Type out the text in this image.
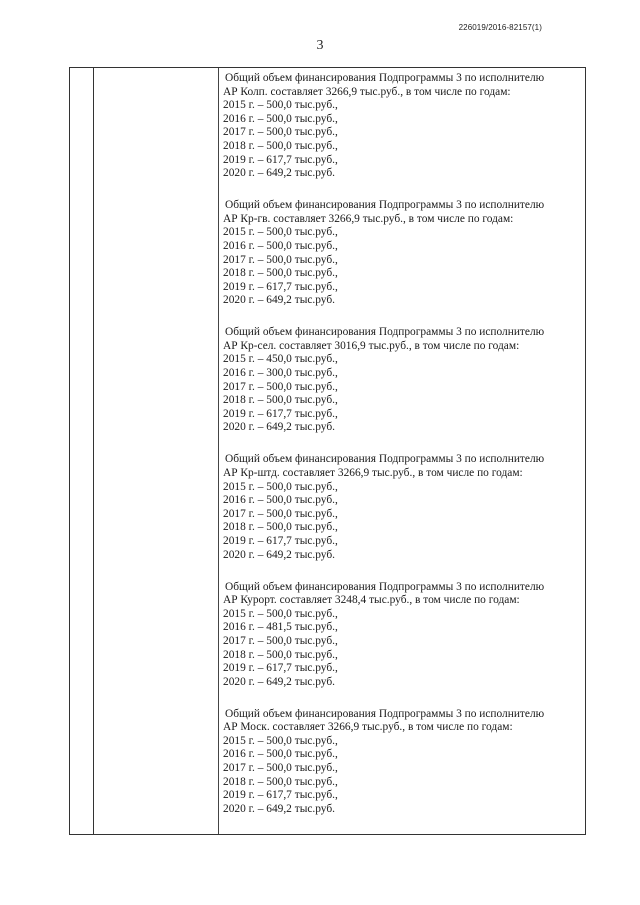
226019/2016-82157(1)
3

Общий объем финансирования Подпрограммы 3 по исполнителю

АР Колп. составляет 3266,9 тыс.руб., в том числе по годам:

2015 г. – 500,0 тыс.руб.,

2016 г. – 500,0 тыс.руб.,

2017 г. – 500,0 тыс.руб.,

2018 г. – 500,0 тыс.руб.,

2019 г. – 617,7 тыс.руб.,

2020 г. – 649,2 тыс.руб.

Общий объем финансирования Подпрограммы 3 по исполнителю

АР Кр-гв. составляет 3266,9 тыс.руб., в том числе по годам:

2015 г. – 500,0 тыс.руб.,

2016 г. – 500,0 тыс.руб.,

2017 г. – 500,0 тыс.руб.,

2018 г. – 500,0 тыс.руб.,

2019 г. – 617,7 тыс.руб.,

2020 г. – 649,2 тыс.руб.

Общий объем финансирования Подпрограммы 3 по исполнителю

АР Кр-сел. составляет 3016,9 тыс.руб., в том числе по годам:

2015 г. – 450,0 тыс.руб.,

2016 г. – 300,0 тыс.руб.,

2017 г. – 500,0 тыс.руб.,

2018 г. – 500,0 тыс.руб.,

2019 г. – 617,7 тыс.руб.,

2020 г. – 649,2 тыс.руб.

Общий объем финансирования Подпрограммы 3 по исполнителю

АР Кр-штд. составляет 3266,9 тыс.руб., в том числе по годам:

2015 г. – 500,0 тыс.руб.,

2016 г. – 500,0 тыс.руб.,

2017 г. – 500,0 тыс.руб.,

2018 г. – 500,0 тыс.руб.,

2019 г. – 617,7 тыс.руб.,

2020 г. – 649,2 тыс.руб.

Общий объем финансирования Подпрограммы 3 по исполнителю

АР Курорт. составляет 3248,4 тыс.руб., в том числе по годам:

2015 г. – 500,0 тыс.руб.,

2016 г. – 481,5 тыс.руб.,

2017 г. – 500,0 тыс.руб.,

2018 г. – 500,0 тыс.руб.,

2019 г. – 617,7 тыс.руб.,

2020 г. – 649,2 тыс.руб.

Общий объем финансирования Подпрограммы 3 по исполнителю

АР Моск. составляет 3266,9 тыс.руб., в том числе по годам:

2015 г. – 500,0 тыс.руб.,

2016 г. – 500,0 тыс.руб.,

2017 г. – 500,0 тыс.руб.,

2018 г. – 500,0 тыс.руб.,

2019 г. – 617,7 тыс.руб.,

2020 г. – 649,2 тыс.руб.
